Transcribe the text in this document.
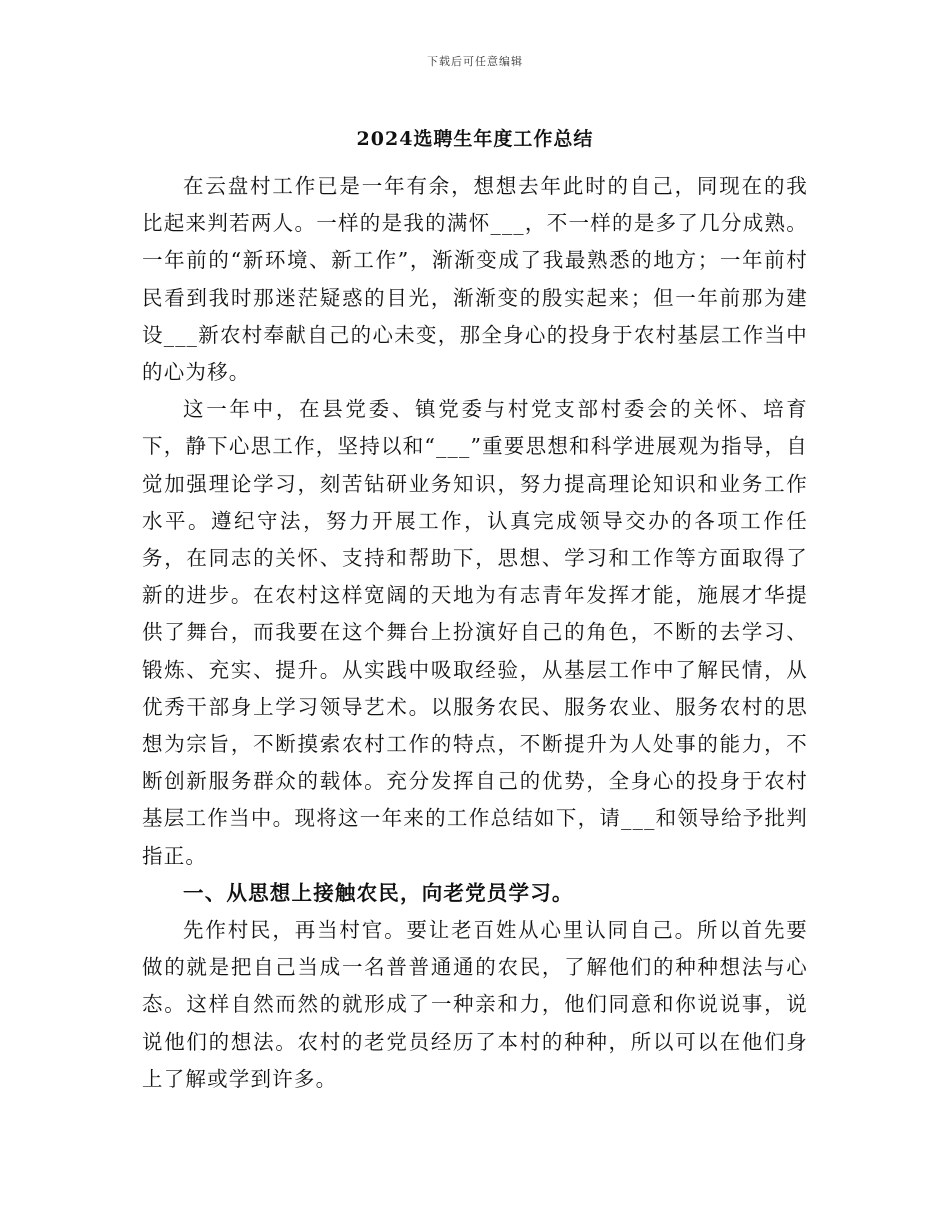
下载后可任意编辑
2024选聘生年度工作总结

在云盘村工作已是一年有余，想想去年此时的自己，同现在的我比起来判若两人。一样的是我的满怀___，不一样的是多了几分成熟。一年前的“新环境、新工作”，渐渐变成了我最熟悉的地方；一年前村民看到我时那迷茫疑惑的目光，渐渐变的殷实起来；但一年前那为建设___新农村奉献自己的心未变，那全身心的投身于农村基层工作当中的心为移。

这一年中，在县党委、镇党委与村党支部村委会的关怀、培育下，静下心思工作，坚持以和“___”重要思想和科学进展观为指导，自觉加强理论学习，刻苦钻研业务知识，努力提高理论知识和业务工作水平。遵纪守法，努力开展工作，认真完成领导交办的各项工作任务，在同志的关怀、支持和帮助下，思想、学习和工作等方面取得了新的进步。在农村这样宽阔的天地为有志青年发挥才能，施展才华提供了舞台，而我要在这个舞台上扮演好自己的角色，不断的去学习、锻炼、充实、提升。从实践中吸取经验，从基层工作中了解民情，从优秀干部身上学习领导艺术。以服务农民、服务农业、服务农村的思想为宗旨，不断摸索农村工作的特点，不断提升为人处事的能力，不断创新服务群众的载体。充分发挥自己的优势，全身心的投身于农村基层工作当中。现将这一年来的工作总结如下，请___和领导给予批判指正。

一、从思想上接触农民，向老党员学习。

先作村民，再当村官。要让老百姓从心里认同自己。所以首先要做的就是把自己当成一名普普通通的农民，了解他们的种种想法与心态。这样自然而然的就形成了一种亲和力，他们同意和你说说事，说说他们的想法。农村的老党员经历了本村的种种，所以可以在他们身上了解或学到许多。
